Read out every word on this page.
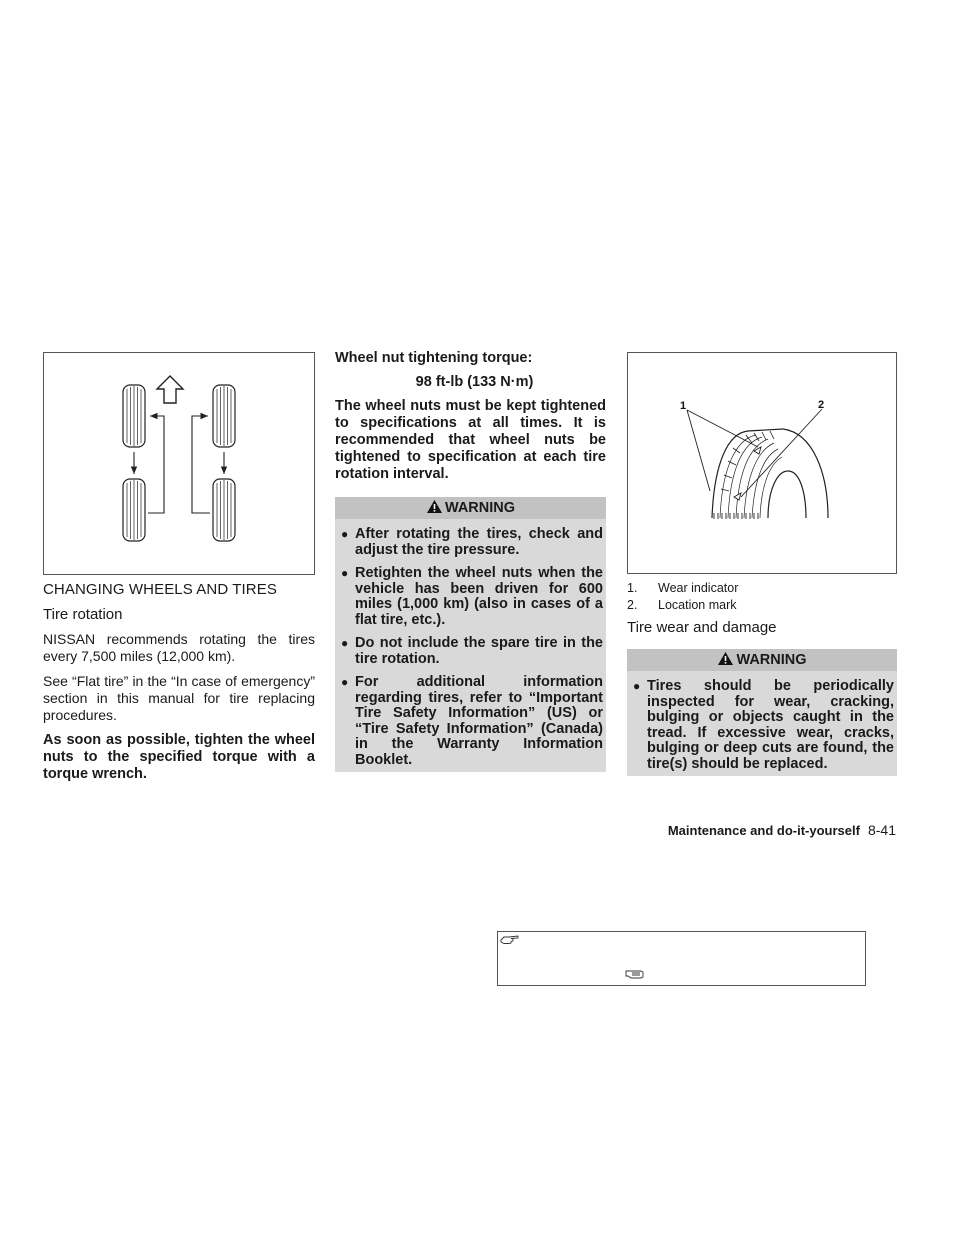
CHANGING WHEELS AND TIRES
Tire rotation
NISSAN recommends rotating the tires every 7,500 miles (12,000 km).
See “Flat tire” in the “In case of emergency” section in this manual for tire replacing procedures.
As soon as possible, tighten the wheel nuts to the specified torque with a torque wrench.
Wheel nut tightening torque:
98 ft-lb (133 N·m)
The wheel nuts must be kept tightened to specifications at all times. It is recommended that wheel nuts be tightened to specification at each tire rotation interval.
WARNING
● After rotating the tires, check and adjust the tire pressure.
● Retighten the wheel nuts when the vehicle has been driven for 600 miles (1,000 km) (also in cases of a flat tire, etc.).
● Do not include the spare tire in the tire rotation.
● For additional information regarding tires, refer to “Important Tire Safety Information” (US) or “Tire Safety Information” (Canada) in the Warranty Information Booklet.
1	2
1.	Wear indicator
2.	Location mark
Tire wear and damage
WARNING
● Tires should be periodically inspected for wear, cracking, bulging or objects caught in the tread. If excessive wear, cracks, bulging or deep cuts are found, the tire(s) should be replaced.
Maintenance and do-it-yourself 8-41
